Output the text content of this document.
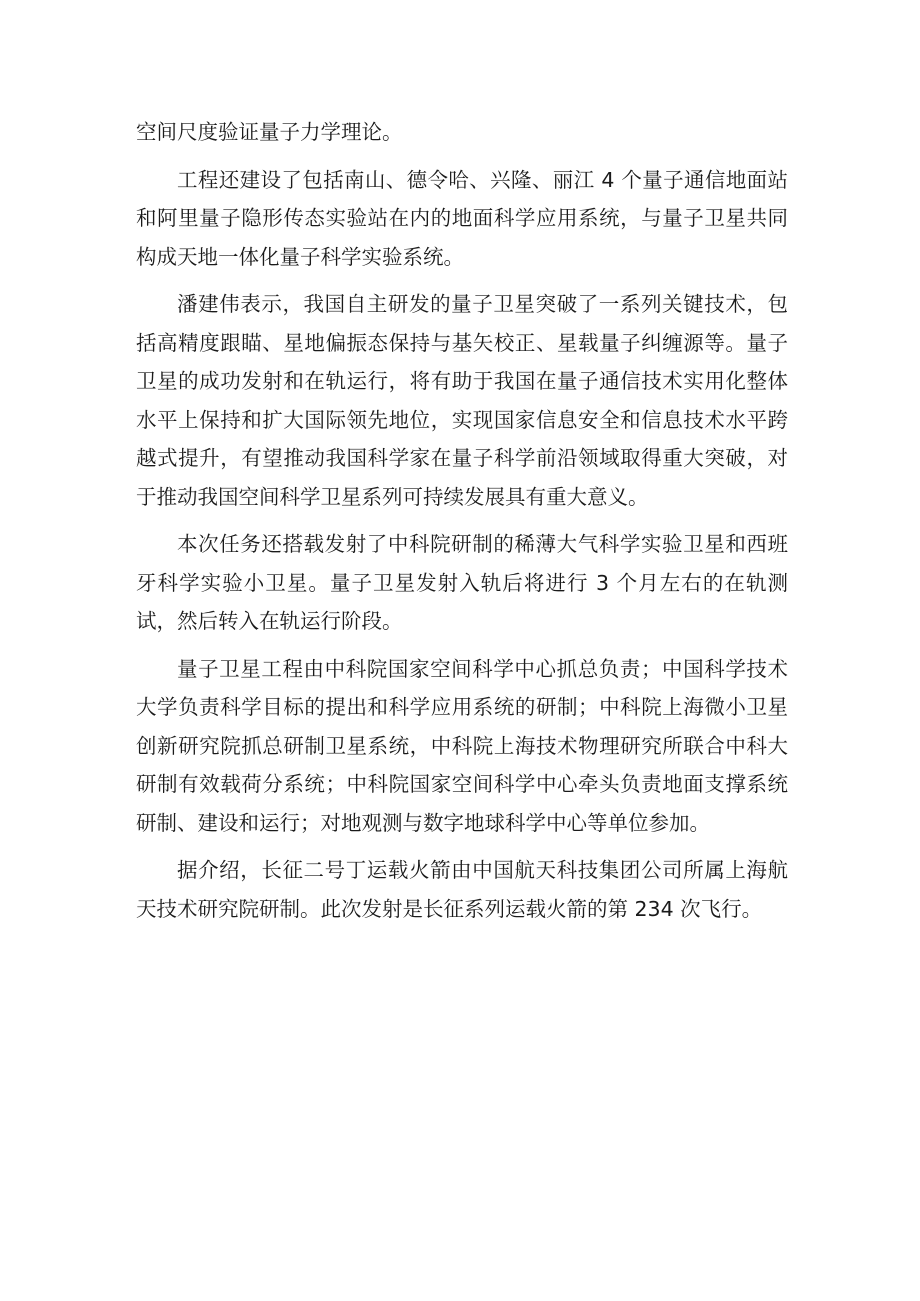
空间尺度验证量子力学理论。

工程还建设了包括南山、德令哈、兴隆、丽江 4 个量子通信地面站和阿里量子隐形传态实验站在内的地面科学应用系统，与量子卫星共同构成天地一体化量子科学实验系统。

潘建伟表示，我国自主研发的量子卫星突破了一系列关键技术，包括高精度跟瞄、星地偏振态保持与基矢校正、星载量子纠缠源等。量子卫星的成功发射和在轨运行，将有助于我国在量子通信技术实用化整体水平上保持和扩大国际领先地位，实现国家信息安全和信息技术水平跨越式提升，有望推动我国科学家在量子科学前沿领域取得重大突破，对于推动我国空间科学卫星系列可持续发展具有重大意义。

本次任务还搭载发射了中科院研制的稀薄大气科学实验卫星和西班牙科学实验小卫星。量子卫星发射入轨后将进行 3 个月左右的在轨测试，然后转入在轨运行阶段。

量子卫星工程由中科院国家空间科学中心抓总负责；中国科学技术大学负责科学目标的提出和科学应用系统的研制；中科院上海微小卫星创新研究院抓总研制卫星系统，中科院上海技术物理研究所联合中科大研制有效载荷分系统；中科院国家空间科学中心牵头负责地面支撑系统研制、建设和运行；对地观测与数字地球科学中心等单位参加。

据介绍，长征二号丁运载火箭由中国航天科技集团公司所属上海航天技术研究院研制。此次发射是长征系列运载火箭的第 234 次飞行。
